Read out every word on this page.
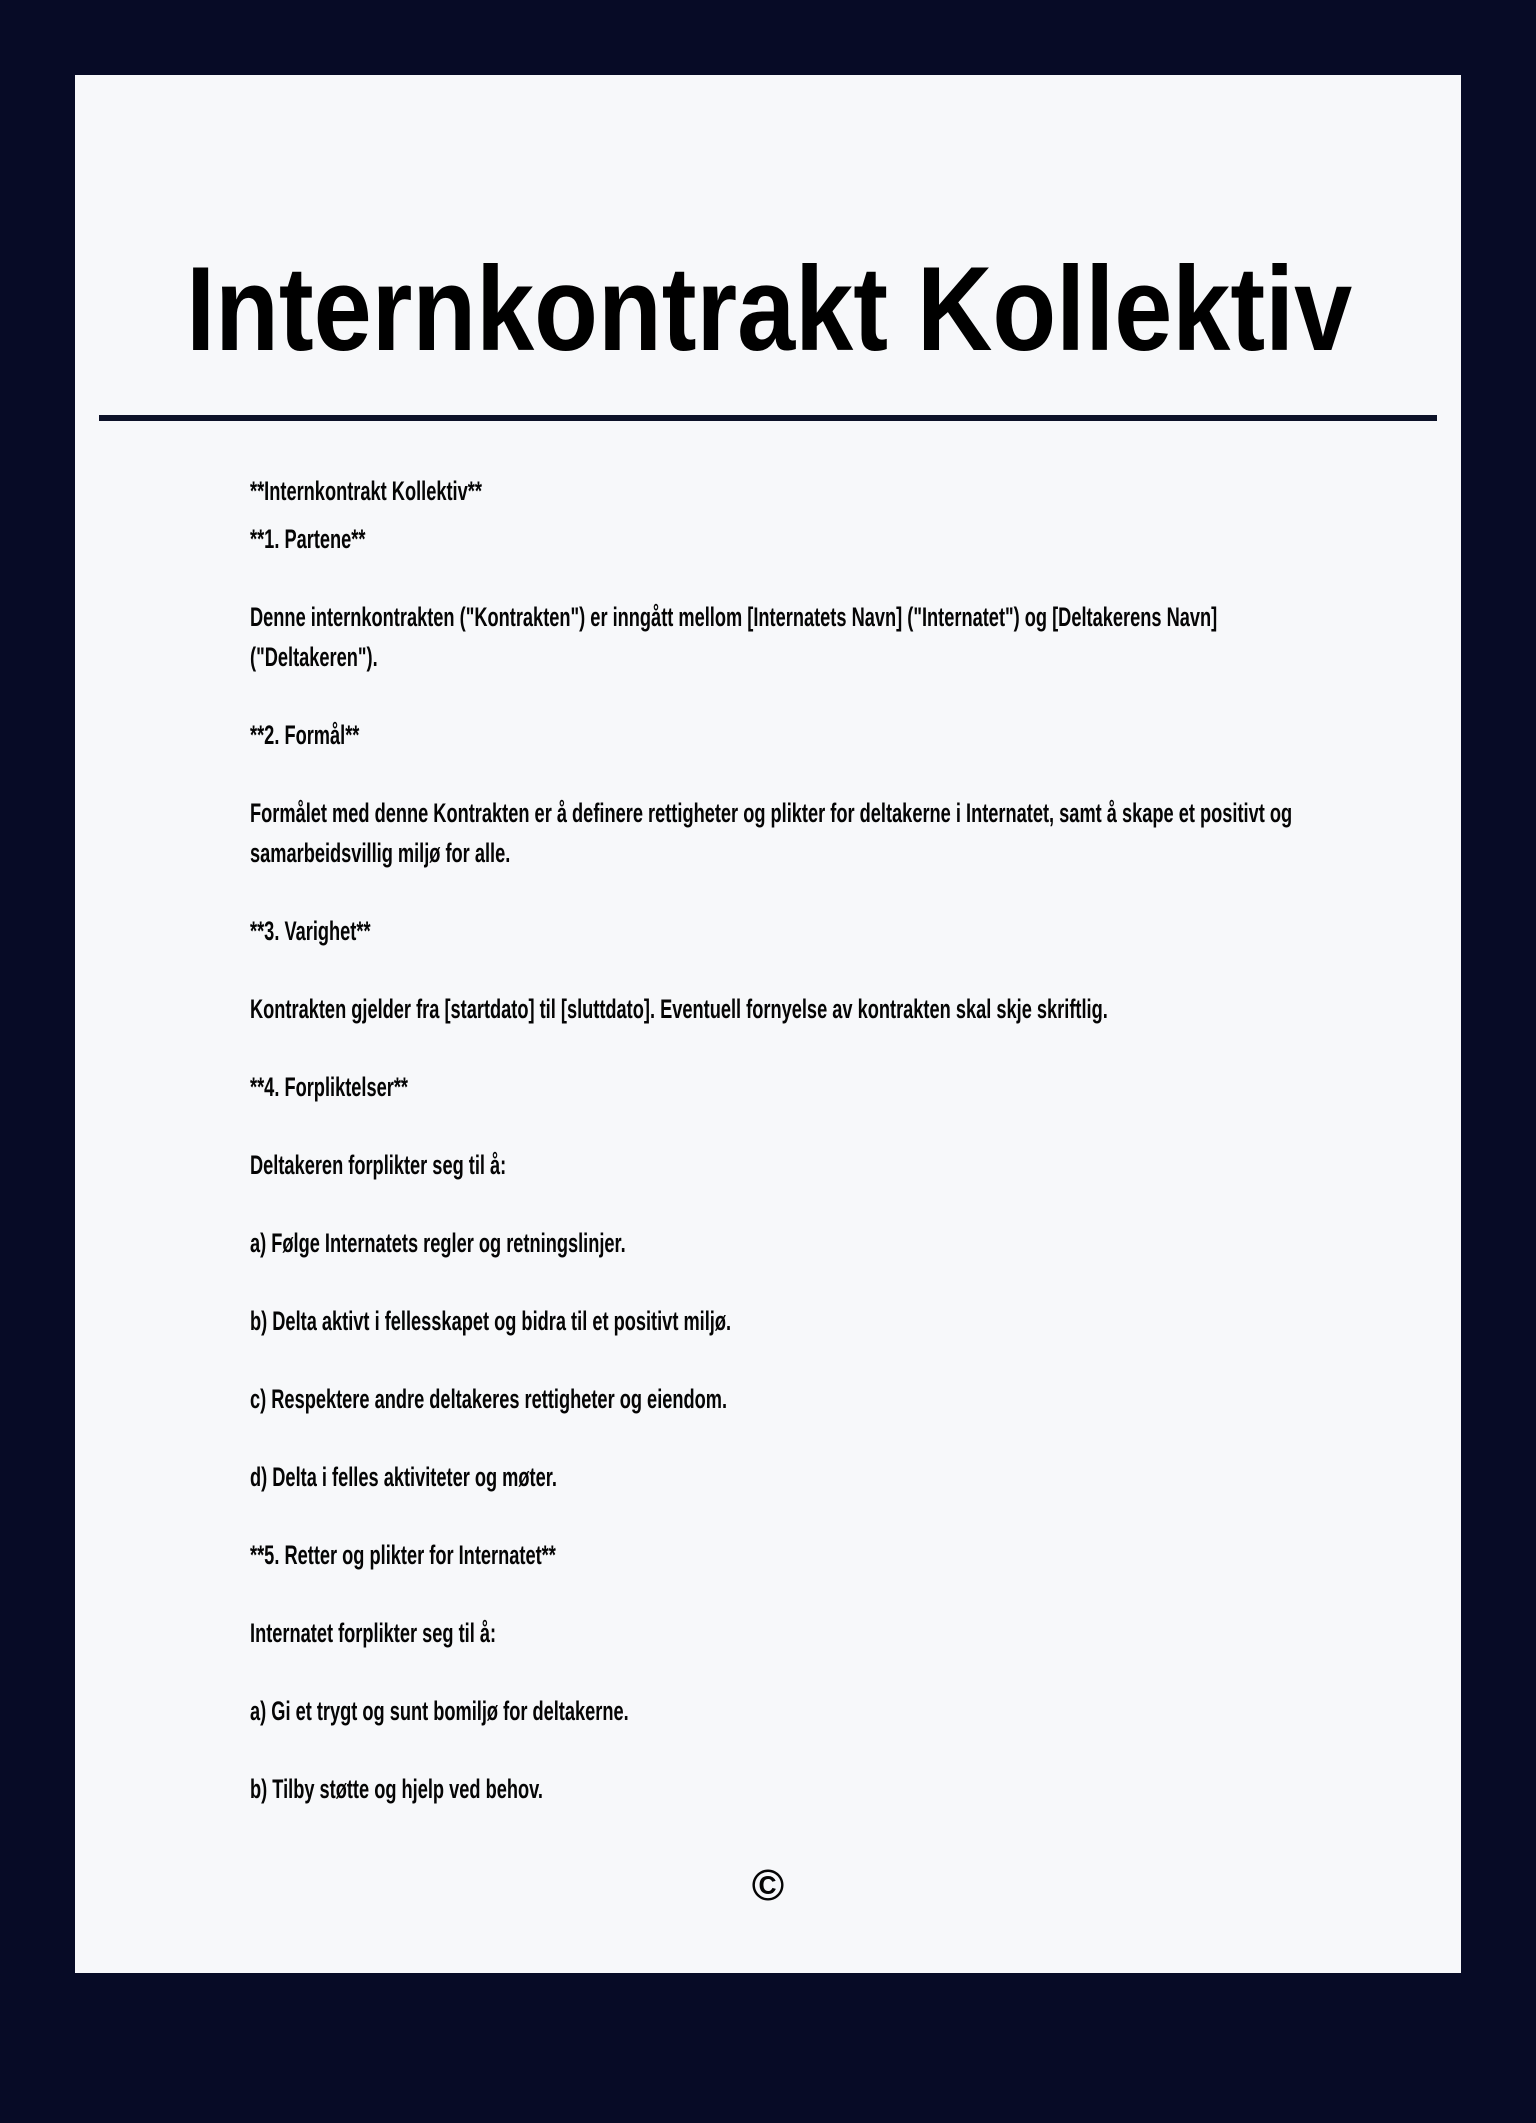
Internkontrakt Kollektiv

**Internkontrakt Kollektiv**

**1. Partene**

Denne internkontrakten ("Kontrakten") er inngått mellom [Internatets Navn] ("Internatet") og [Deltakerens Navn] ("Deltakeren").

**2. Formål**

Formålet med denne Kontrakten er å definere rettigheter og plikter for deltakerne i Internatet, samt å skape et positivt og samarbeidsvillig miljø for alle.

**3. Varighet**

Kontrakten gjelder fra [startdato] til [sluttdato]. Eventuell fornyelse av kontrakten skal skje skriftlig.

**4. Forpliktelser**

Deltakeren forplikter seg til å:

a) Følge Internatets regler og retningslinjer.

b) Delta aktivt i fellesskapet og bidra til et positivt miljø.

c) Respektere andre deltakeres rettigheter og eiendom.

d) Delta i felles aktiviteter og møter.

**5. Retter og plikter for Internatet**

Internatet forplikter seg til å:

a) Gi et trygt og sunt bomiljø for deltakerne.

b) Tilby støtte og hjelp ved behov.

©
